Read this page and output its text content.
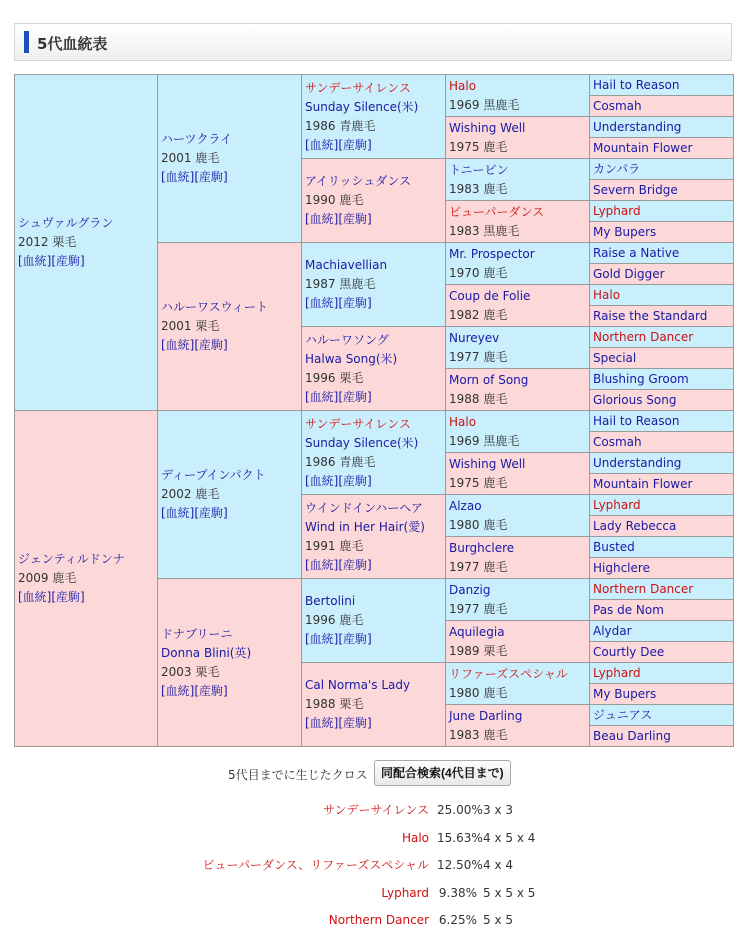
5代血統表
シュヴァルグラン
2012 栗毛
[血統][産駒]	ハーツクライ
2001 鹿毛
[血統][産駒]	サンデーサイレンス
Sunday Silence(米)
1986 青鹿毛
[血統][産駒]	Halo
1969 黒鹿毛	Hail to Reason

				Cosmah

			Wishing Well
1975 鹿毛	Understanding

				Mountain Flower

		アイリッシュダンス
1990 鹿毛
[血統][産駒]	トニービン
1983 鹿毛	カンパラ

				Severn Bridge

			ビューパーダンス
1983 黒鹿毛	Lyphard

				My Bupers

	ハルーワスウィート
2001 栗毛
[血統][産駒]	Machiavellian
1987 黒鹿毛
[血統][産駒]	Mr. Prospector
1970 鹿毛	Raise a Native

				Gold Digger

			Coup de Folie
1982 鹿毛	Halo

				Raise the Standard

		ハルーワソング
Halwa Song(米)
1996 栗毛
[血統][産駒]	Nureyev
1977 鹿毛	Northern Dancer

				Special

			Morn of Song
1988 鹿毛	Blushing Groom

				Glorious Song

ジェンティルドンナ
2009 鹿毛
[血統][産駒]	ディープインパクト
2002 鹿毛
[血統][産駒]	サンデーサイレンス
Sunday Silence(米)
1986 青鹿毛
[血統][産駒]	Halo
1969 黒鹿毛	Hail to Reason

				Cosmah

			Wishing Well
1975 鹿毛	Understanding

				Mountain Flower

		ウインドインハーヘア
Wind in Her Hair(愛)
1991 鹿毛
[血統][産駒]	Alzao
1980 鹿毛	Lyphard

				Lady Rebecca

			Burghclere
1977 鹿毛	Busted

				Highclere

	ドナブリーニ
Donna Blini(英)
2003 栗毛
[血統][産駒]	Bertolini
1996 鹿毛
[血統][産駒]	Danzig
1977 鹿毛	Northern Dancer

				Pas de Nom

			Aquilegia
1989 栗毛	Alydar

				Courtly Dee

		Cal Norma's Lady
1988 栗毛
[血統][産駒]	リファーズスペシャル
1980 鹿毛	Lyphard

				My Bupers

			June Darling
1983 鹿毛	ジュニアス

				Beau Darling
5代目までに生じたクロス	同配合検索(4代目まで)
サンデーサイレンス 25.00% 3 x 3
Halo 15.63% 4 x 5 x 4
ビューパーダンス、リファーズスペシャル 12.50% 4 x 4
Lyphard 9.38% 5 x 5 x 5
Northern Dancer 6.25% 5 x 5
